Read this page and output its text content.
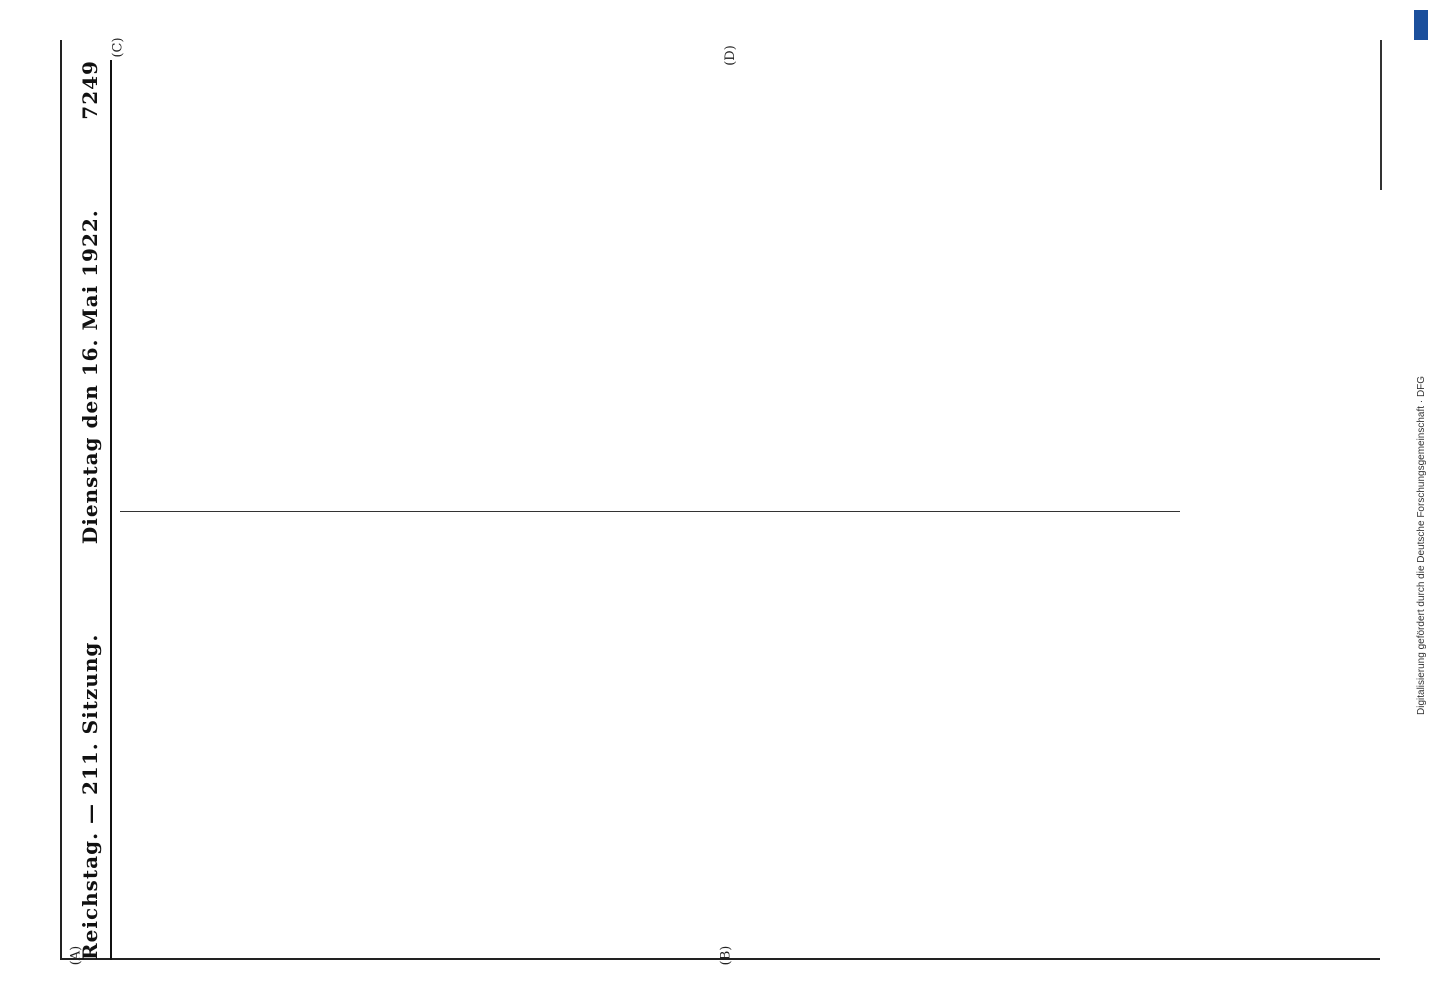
Reichstag. — 211. Sitzung.
Dienstag den 16. Mai 1922.
7249

(A)	(B)
(C)	(D)
Digitalisierung gefördert durch die Deutsche Forschungsgemeinschaft · DFG
